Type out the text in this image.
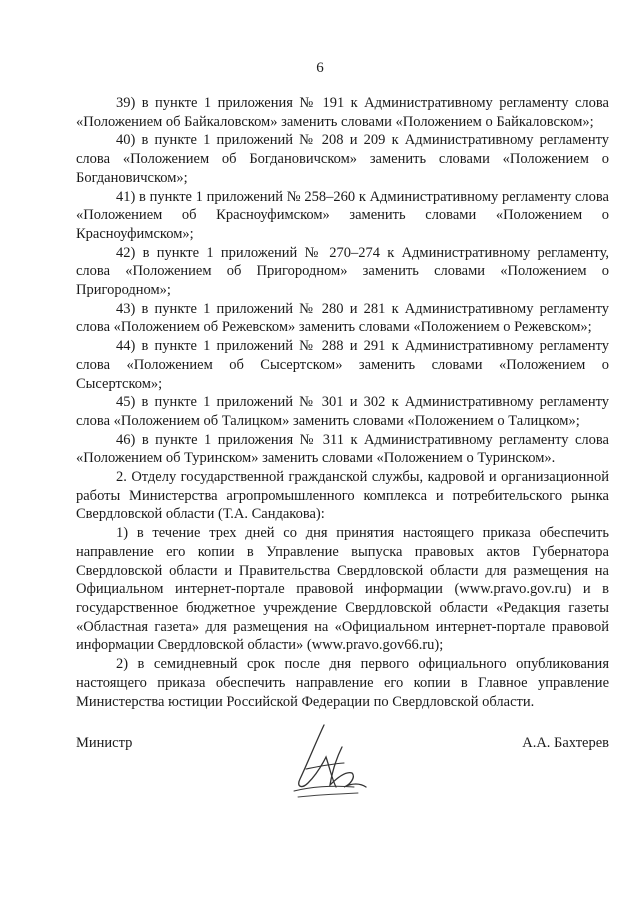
6

39) в пункте 1 приложения № 191 к Административному регламенту слова «Положением об Байкаловском» заменить словами «Положением о Байкаловском»;

40) в пункте 1 приложений № 208 и 209 к Административному регламенту слова «Положением об Богдановичском» заменить словами «Положением о Богдановичском»;

41) в пункте 1 приложений № 258–260 к Административному регламенту слова «Положением об Красноуфимском» заменить словами «Положением о Красноуфимском»;

42) в пункте 1 приложений № 270–274 к Административному регламенту, слова «Положением об Пригородном» заменить словами «Положением о Пригородном»;

43) в пункте 1 приложений № 280 и 281 к Административному регламенту слова «Положением об Режевском» заменить словами «Положением о Режевском»;

44) в пункте 1 приложений № 288 и 291 к Административному регламенту слова «Положением об Сысертском» заменить словами «Положением о Сысертском»;

45) в пункте 1 приложений № 301 и 302 к Административному регламенту слова «Положением об Талицком» заменить словами «Положением о Талицком»;

46) в пункте 1 приложения № 311 к Административному регламенту слова «Положением об Туринском» заменить словами «Положением о Туринском».

2. Отделу государственной гражданской службы, кадровой и организационной работы Министерства агропромышленного комплекса и потребительского рынка Свердловской области (Т.А. Сандакова):

1) в течение трех дней со дня принятия настоящего приказа обеспечить направление его копии в Управление выпуска правовых актов Губернатора Свердловской области и Правительства Свердловской области для размещения на Официальном интернет-портале правовой информации (www.pravo.gov.ru) и в государственное бюджетное учреждение Свердловской области «Редакция газеты «Областная газета» для размещения на «Официальном интернет-портале правовой информации Свердловской области» (www.pravo.gov66.ru);

2) в семидневный срок после дня первого официального опубликования настоящего приказа обеспечить направление его копии в Главное управление Министерства юстиции Российской Федерации по Свердловской области.

Министр	А.А. Бахтерев
